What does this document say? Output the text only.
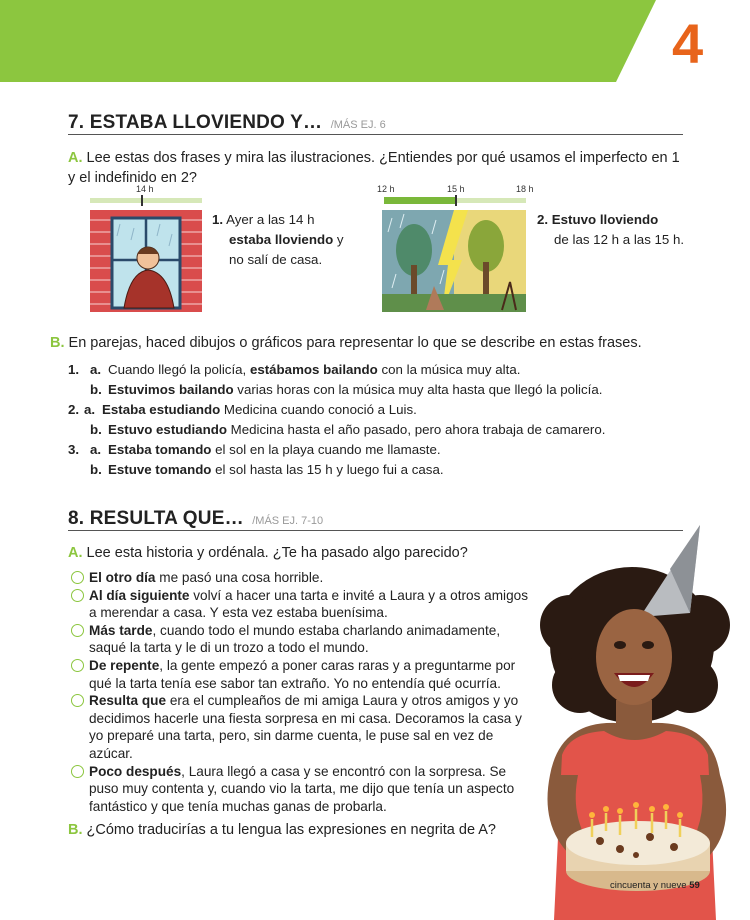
4
7. ESTABA LLOVIENDO Y… /MÁS EJ. 6
A. Lee estas dos frases y mira las ilustraciones. ¿Entiendes por qué usamos el imperfecto en 1 y el indefinido en 2?
14 h
1. Ayer a las 14 h
estaba lloviendo y
no salí de casa.
12 h	15 h	18 h
2. Estuvo lloviendo
de las 12 h a las 15 h.
B. En parejas, haced dibujos o gráficos para representar lo que se describe en estas frases.
1. a. Cuando llegó la policía, estábamos bailando con la música muy alta.
b. Estuvimos bailando varias horas con la música muy alta hasta que llegó la policía.
2. a. Estaba estudiando Medicina cuando conoció a Luis.
b. Estuvo estudiando Medicina hasta el año pasado, pero ahora trabaja de camarero.
3. a. Estaba tomando el sol en la playa cuando me llamaste.
b. Estuve tomando el sol hasta las 15 h y luego fui a casa.
8. RESULTA QUE… /MÁS EJ. 7-10
A. Lee esta historia y ordénala. ¿Te ha pasado algo parecido?
El otro día me pasó una cosa horrible.
Al día siguiente volví a hacer una tarta e invité a Laura y a otros amigos a merendar a casa. Y esta vez estaba buenísima.
Más tarde, cuando todo el mundo estaba charlando animadamente, saqué la tarta y le di un trozo a todo el mundo.
De repente, la gente empezó a poner caras raras y a preguntarme por qué la tarta tenía ese sabor tan extraño. Yo no entendía qué ocurría.
Resulta que era el cumpleaños de mi amiga Laura y otros amigos y yo decidimos hacerle una fiesta sorpresa en mi casa. Decoramos la casa y yo preparé una tarta, pero, sin darme cuenta, le puse sal en vez de azúcar.
Poco después, Laura llegó a casa y se encontró con la sorpresa. Se puso muy contenta y, cuando vio la tarta, me dijo que tenía un aspecto fantástico y que tenía muchas ganas de probarla.
B. ¿Cómo traducirías a tu lengua las expresiones en negrita de A?
cincuenta y nueve 59
